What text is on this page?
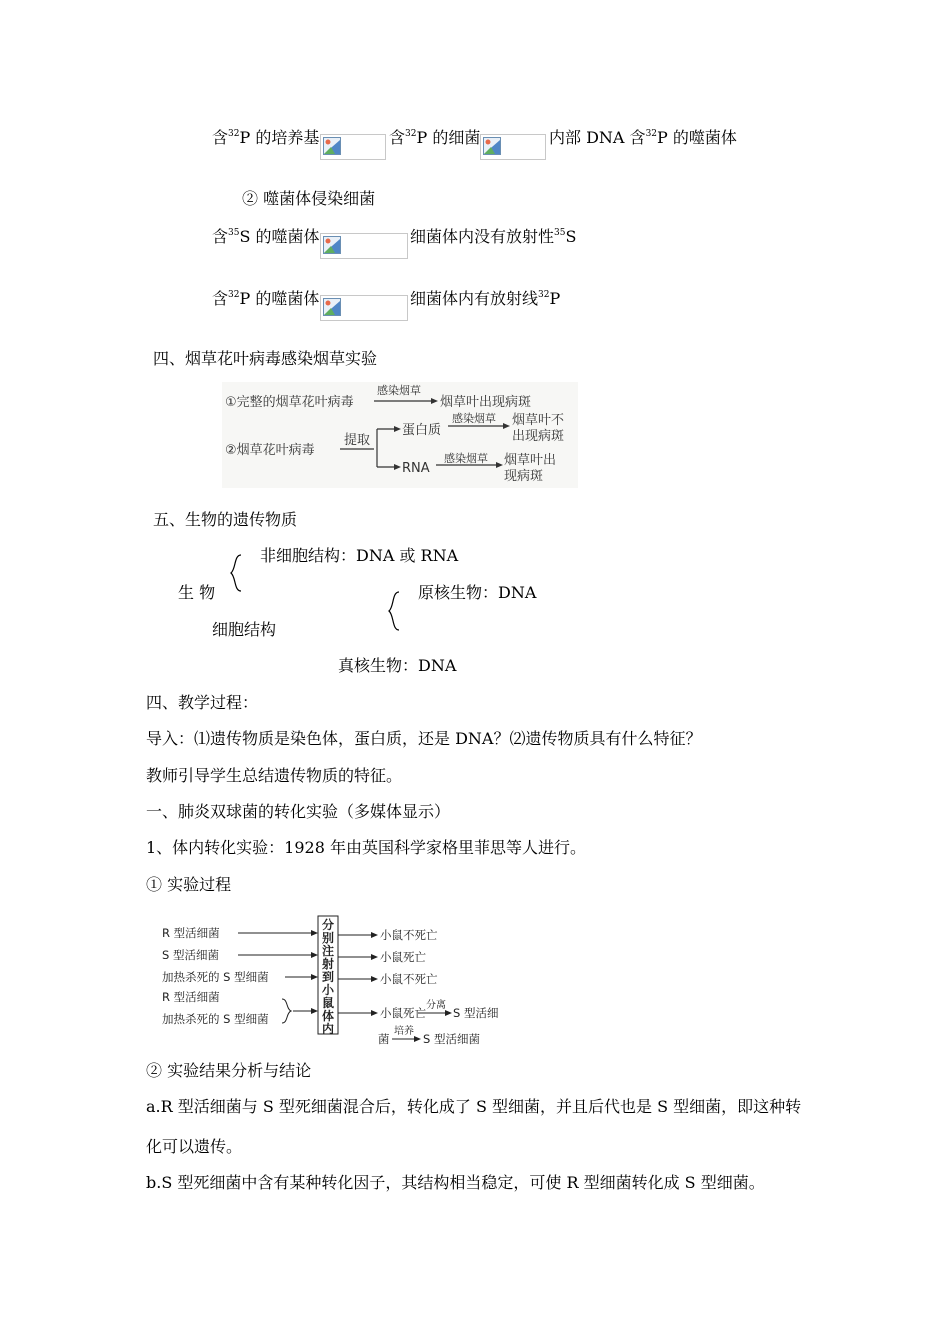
含$^{32}$P 的培养基	含$^{32}$P 的细菌	内部 DNA 含$^{32}$P 的噬菌体
② 噬菌体侵染细菌
含$^{35}$S 的噬菌体	细菌体内没有放射性$^{35}$S
含$^{32}$P 的噬菌体	细菌体内有放射线$^{32}$P
四、烟草花叶病毒感染烟草实验
①完整的烟草花叶病毒
感染烟草
烟草叶出现病斑
②烟草花叶病毒
提取
蛋白质
感染烟草 烟草叶不
出现病斑
RNA
感染烟草 烟草叶出
现病斑
五、生物的遗传物质
非细胞结构：DNA 或 RNA
生 物	原核生物：DNA
细胞结构
真核生物：DNA
四、教学过程：
导入：⑴遗传物质是染色体，蛋白质，还是 DNA？⑵遗传物质具有什么特征？
教师引导学生总结遗传物质的特征。
一、肺炎双球菌的转化实验（多媒体显示）
1、体内转化实验：1928 年由英国科学家格里菲思等人进行。
① 实验过程
R 型活细菌
S 型活细菌
加热杀死的 S 型细菌
R 型活细菌
加热杀死的 S 型细菌
分
别
注
射
到
小
鼠
体
内
小鼠不死亡
小鼠死亡
小鼠不死亡
小鼠死亡
分离
S 型活细
菌
培养
S 型活细菌
② 实验结果分析与结论
a.R 型活细菌与 S 型死细菌混合后，转化成了 S 型细菌，并且后代也是 S 型细菌，即这种转
化可以遗传。
b.S 型死细菌中含有某种转化因子，其结构相当稳定，可使 R 型细菌转化成 S 型细菌。
